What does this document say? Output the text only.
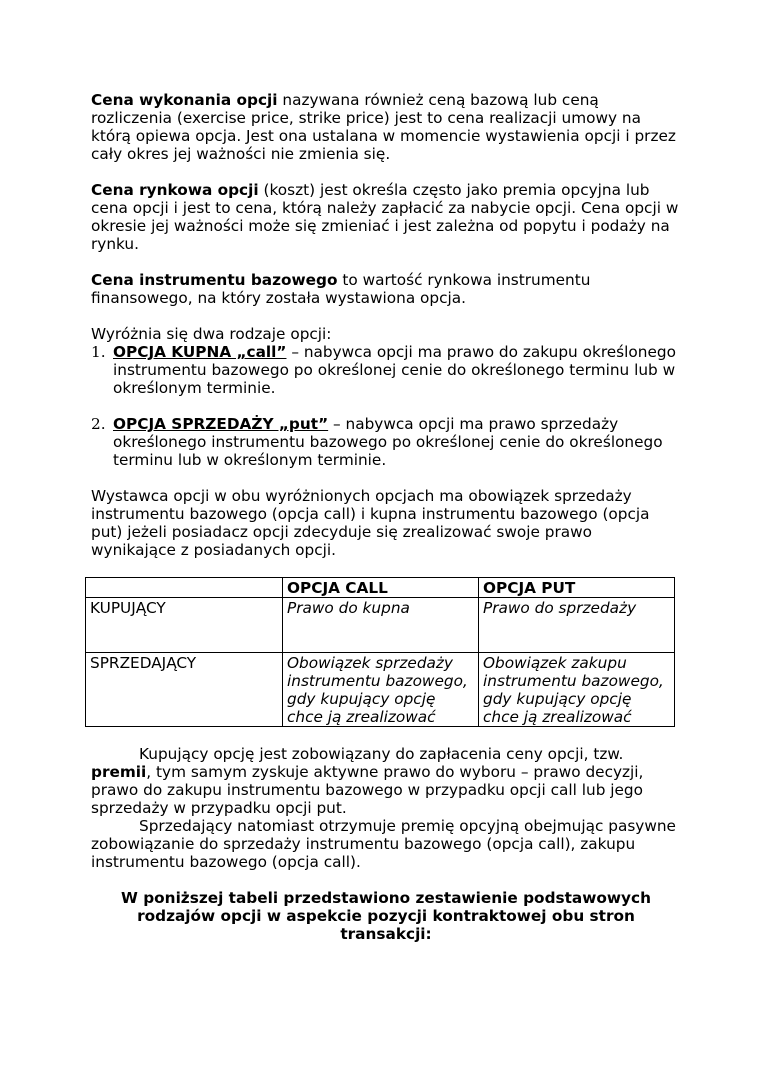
Cena wykonania opcji nazywana również ceną bazową lub ceną rozliczenia (exercise price, strike price) jest to cena realizacji umowy na którą opiewa opcja. Jest ona ustalana w momencie wystawienia opcji i przez cały okres jej ważności nie zmienia się.

Cena rynkowa opcji (koszt) jest określa często jako premia opcyjna lub cena opcji i jest to cena, którą należy zapłacić za nabycie opcji. Cena opcji w okresie jej ważności może się zmieniać i jest zależna od popytu i podaży na rynku.

Cena instrumentu bazowego to wartość rynkowa instrumentu finansowego, na który została wystawiona opcja.

Wyróżnia się dwa rodzaje opcji:

1. OPCJA KUPNA „call” – nabywca opcji ma prawo do zakupu określonego instrumentu bazowego po określonej cenie do określonego terminu lub w określonym terminie.
2. OPCJA SPRZEDAŻY „put” – nabywca opcji ma prawo sprzedaży określonego instrumentu bazowego po określonej cenie do określonego terminu lub w określonym terminie.

Wystawca opcji w obu wyróżnionych opcjach ma obowiązek sprzedaży instrumentu bazowego (opcja call) i kupna instrumentu bazowego (opcja put) jeżeli posiadacz opcji zdecyduje się zrealizować swoje prawo wynikające z posiadanych opcji.

	OPCJA CALL	OPCJA PUT
KUPUJĄCY	Prawo do kupna	Prawo do sprzedaży
SPRZEDAJĄCY	Obowiązek sprzedaży instrumentu bazowego, gdy kupujący opcję chce ją zrealizować	Obowiązek zakupu instrumentu bazowego, gdy kupujący opcję chce ją zrealizować

Kupujący opcję jest zobowiązany do zapłacenia ceny opcji, tzw. premii, tym samym zyskuje aktywne prawo do wyboru – prawo decyzji, prawo do zakupu instrumentu bazowego w przypadku opcji call lub jego sprzedaży w przypadku opcji put.

Sprzedający natomiast otrzymuje premię opcyjną obejmując pasywne zobowiązanie do sprzedaży instrumentu bazowego (opcja call), zakupu instrumentu bazowego (opcja call).

W poniższej tabeli przedstawiono zestawienie podstawowych rodzajów opcji w aspekcie pozycji kontraktowej obu stron transakcji:
